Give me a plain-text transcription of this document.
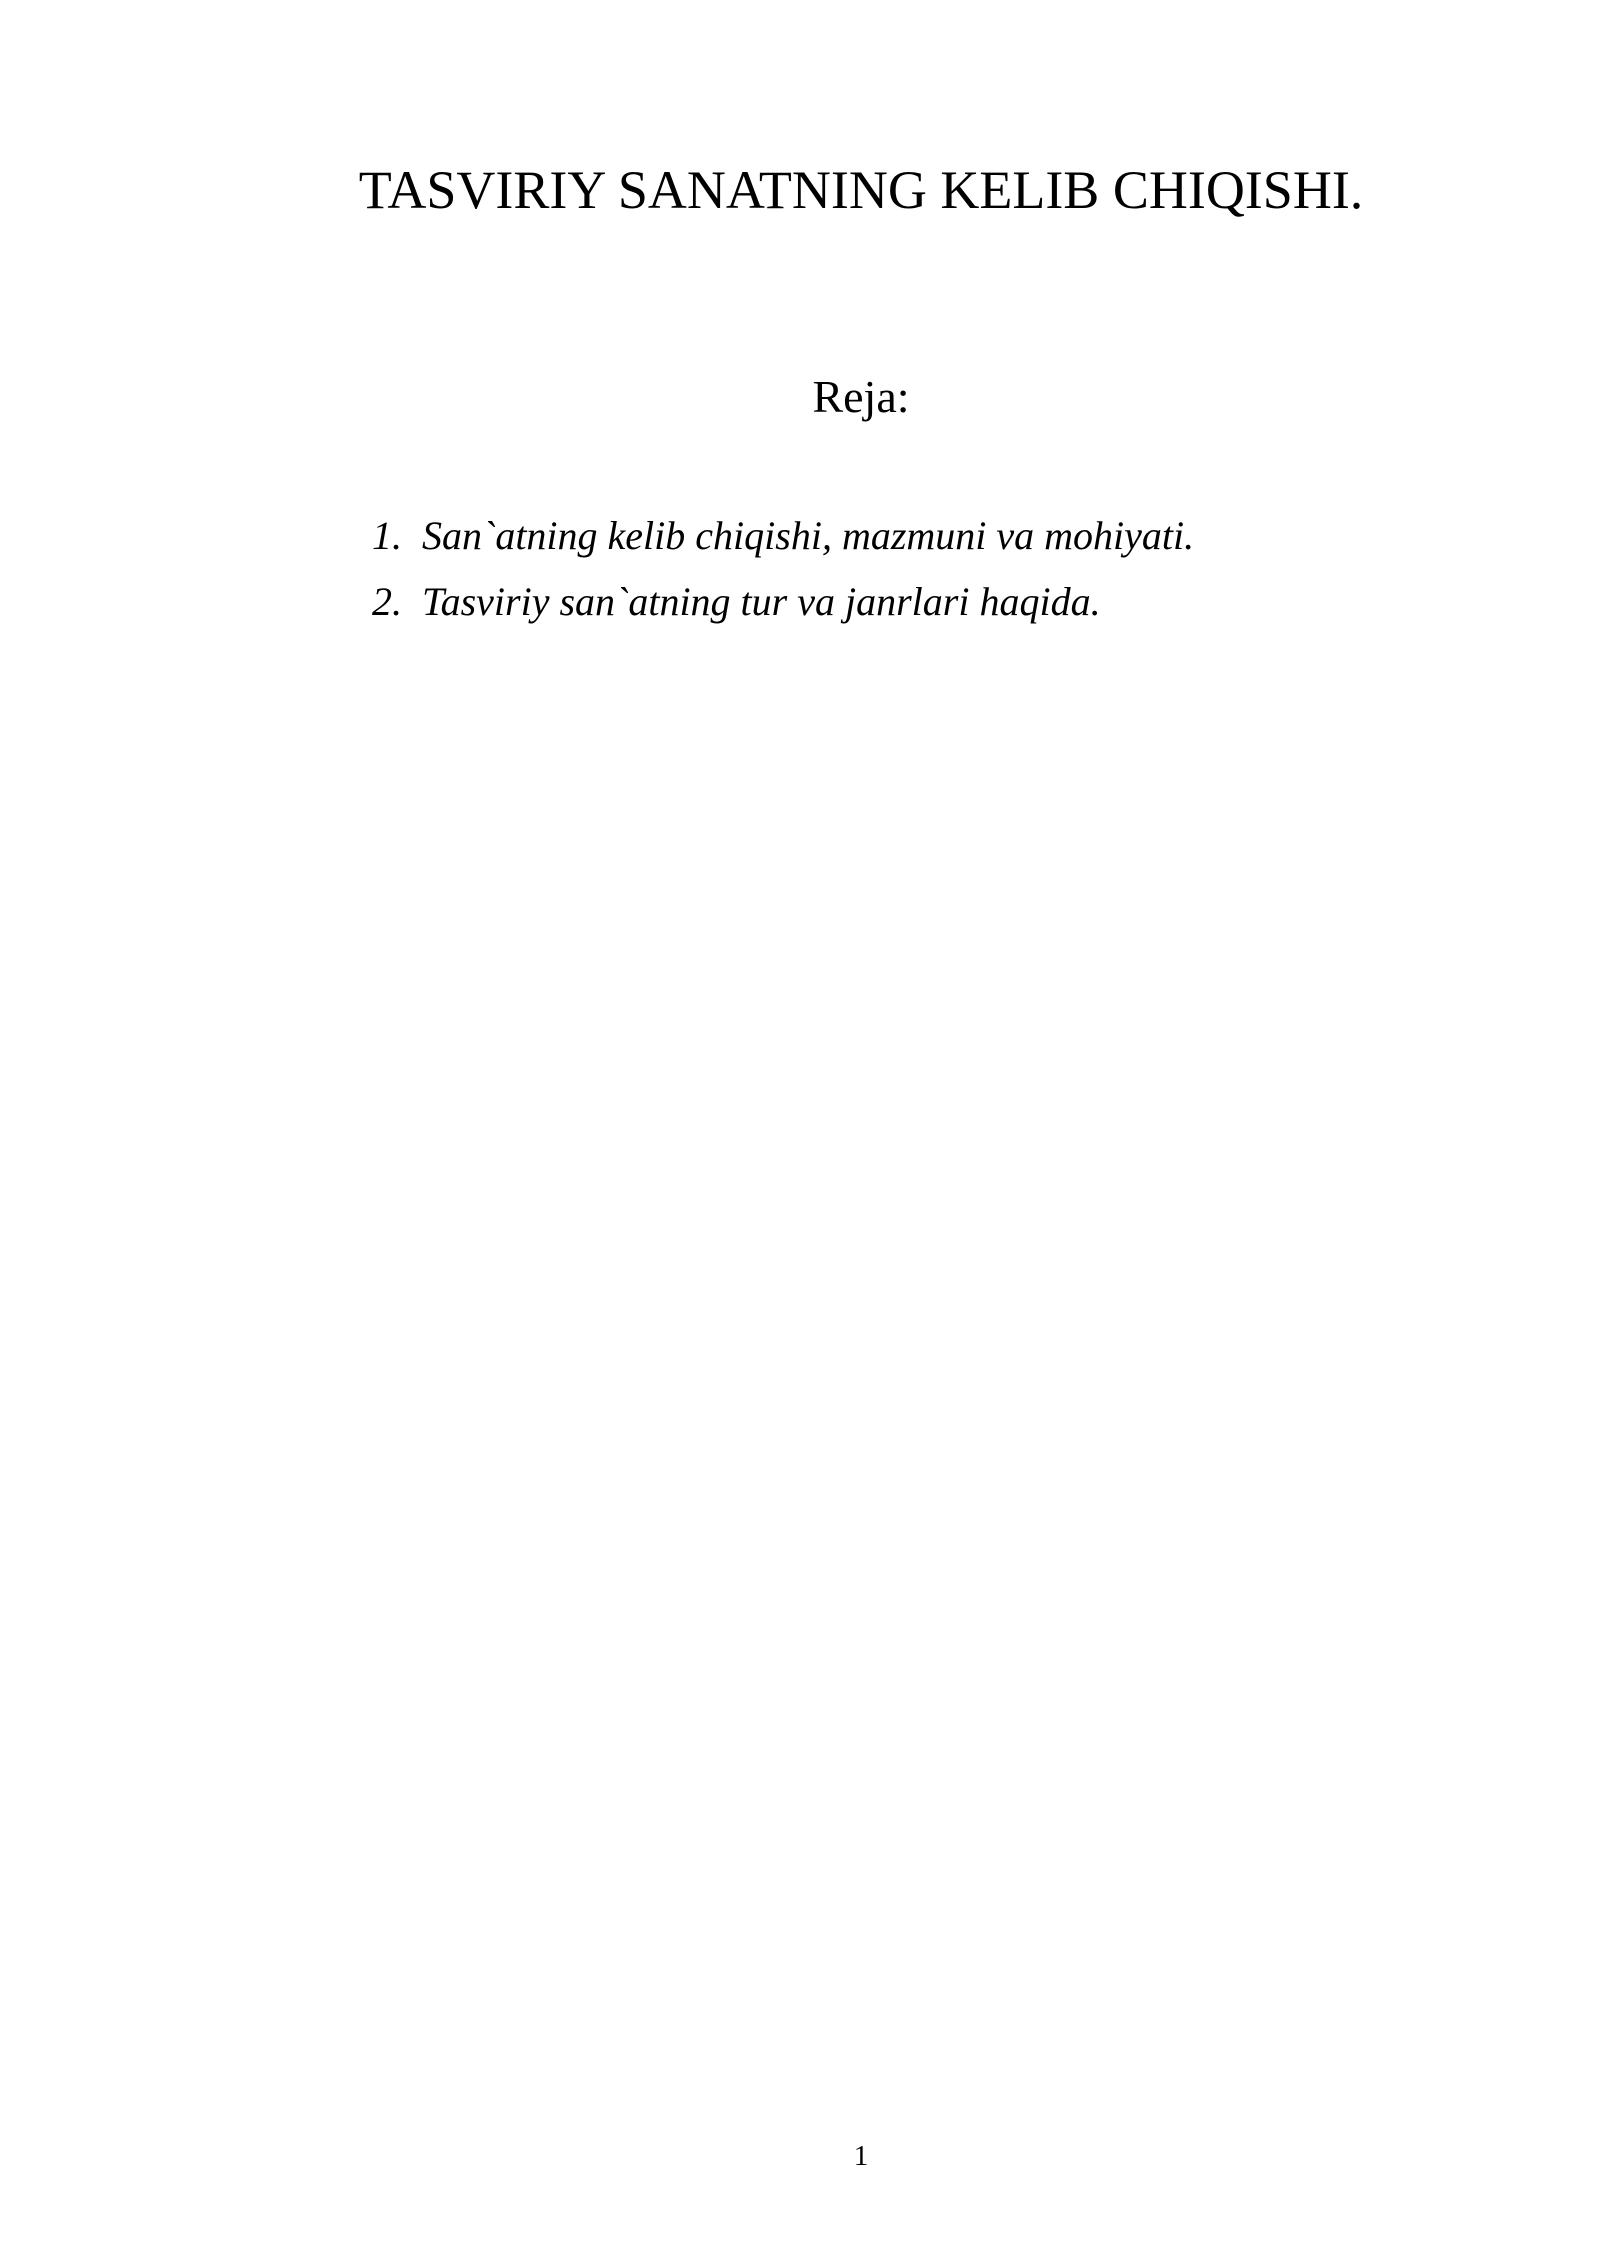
TASVIRIY SANATNING KELIB CHIQISHI.
Reja:
1. San`atning kelib chiqishi, mazmuni va mohiyati.
2. Tasviriy san`atning tur va janrlari haqida.
1
